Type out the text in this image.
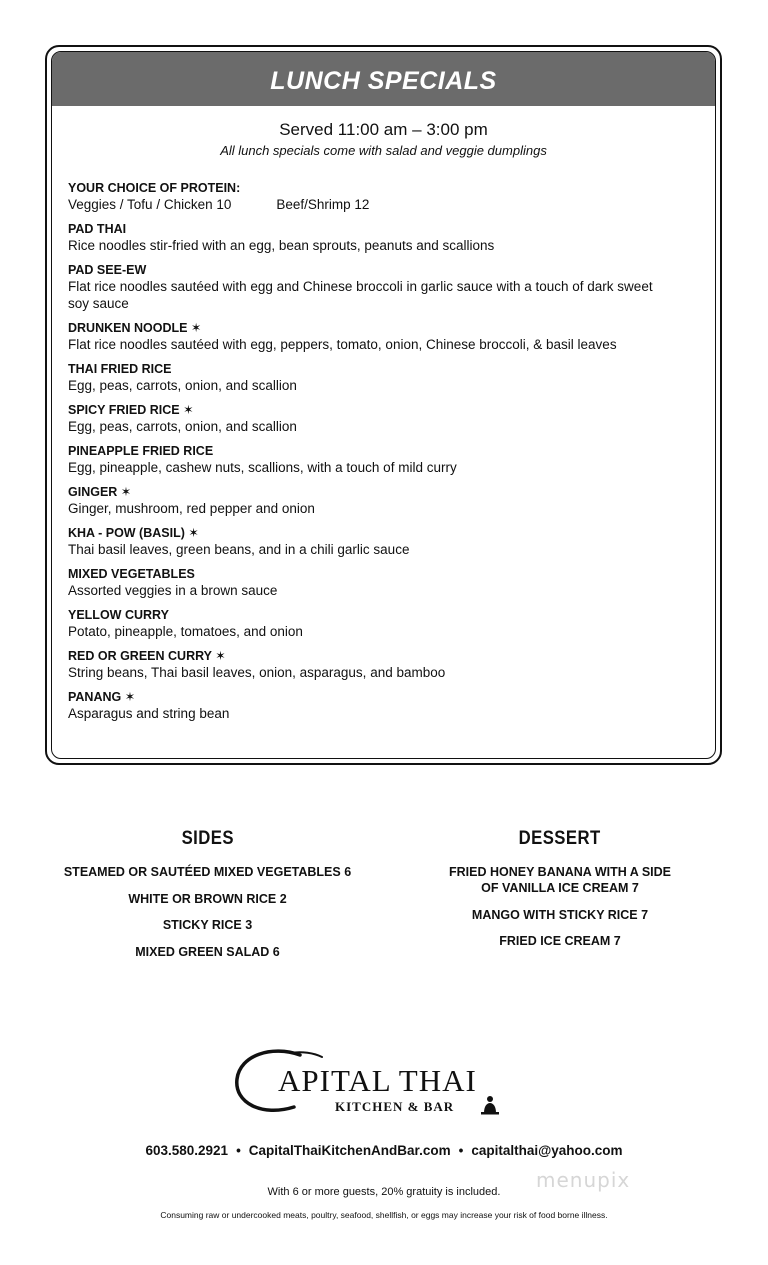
LUNCH SPECIALS
Served 11:00 am – 3:00 pm
All lunch specials come with salad and veggie dumplings
YOUR CHOICE OF PROTEIN:
Veggies / Tofu / Chicken 10	Beef/Shrimp 12
PAD THAI
Rice noodles stir-fried with an egg, bean sprouts, peanuts and scallions
PAD SEE-EW
Flat rice noodles sautéed with egg and Chinese broccoli in garlic sauce with a touch of dark sweet soy sauce
DRUNKEN NOODLE ✶
Flat rice noodles sautéed with egg, peppers, tomato, onion, Chinese broccoli, & basil leaves
THAI FRIED RICE
Egg, peas, carrots, onion, and scallion
SPICY FRIED RICE ✶
Egg, peas, carrots, onion, and scallion
PINEAPPLE FRIED RICE
Egg, pineapple, cashew nuts, scallions, with a touch of mild curry
GINGER ✶
Ginger, mushroom, red pepper and onion
KHA - POW (BASIL) ✶
Thai basil leaves, green beans, and in a chili garlic sauce
MIXED VEGETABLES
Assorted veggies in a brown sauce
YELLOW CURRY
Potato, pineapple, tomatoes, and onion
RED OR GREEN CURRY ✶
String beans, Thai basil leaves, onion, asparagus, and bamboo
PANANG ✶
Asparagus and string bean
SIDES
STEAMED OR SAUTÉED MIXED VEGETABLES 6
WHITE OR BROWN RICE 2
STICKY RICE 3
MIXED GREEN SALAD 6
DESSERT
FRIED HONEY BANANA WITH A SIDE
OF VANILLA ICE CREAM 7
MANGO WITH STICKY RICE 7
FRIED ICE CREAM 7
APITAL THAI
KITCHEN & BAR
603.580.2921 • CapitalThaiKitchenAndBar.com • capitalthai@yahoo.com
menupix
With 6 or more guests, 20% gratuity is included.
Consuming raw or undercooked meats, poultry, seafood, shellfish, or eggs may increase your risk of food borne illness.
